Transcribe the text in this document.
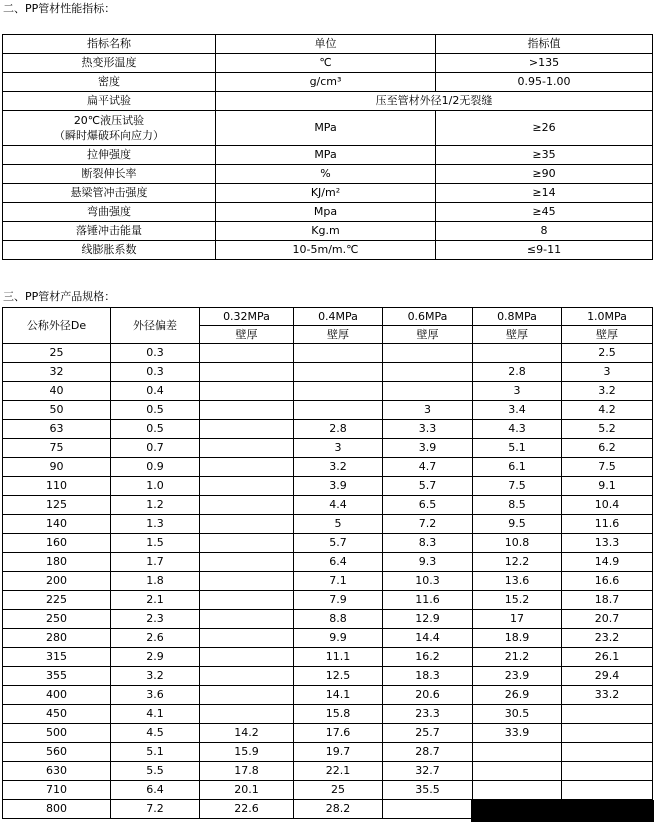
二、PP管材性能指标：
指标名称	单位	指标值
热变形温度	℃	>135
密度	g/cm³	0.95-1.00
扁平试验	压至管材外径1/2无裂缝	

20℃液压试验
（瞬时爆破环向应力）	MPa	≥26
拉伸强度	MPa	≥35
断裂伸长率	%	≥90
悬梁管冲击强度	KJ/m²	≥14
弯曲强度	Mpa	≥45
落锤冲击能量	Kg.m	8
线膨胀系数	10-5m/m.℃	≤9-11
三、PP管材产品规格：
公称外径De	外径偏差	0.32MPa	0.4MPa	0.6MPa	0.8MPa	1.0MPa
		壁厚	壁厚	壁厚	壁厚	壁厚
25	0.3					2.5
32	0.3				2.8	3
40	0.4				3	3.2
50	0.5			3	3.4	4.2
63	0.5		2.8	3.3	4.3	5.2
75	0.7		3	3.9	5.1	6.2
90	0.9		3.2	4.7	6.1	7.5
110	1.0		3.9	5.7	7.5	9.1
125	1.2		4.4	6.5	8.5	10.4
140	1.3		5	7.2	9.5	11.6
160	1.5		5.7	8.3	10.8	13.3
180	1.7		6.4	9.3	12.2	14.9
200	1.8		7.1	10.3	13.6	16.6
225	2.1		7.9	11.6	15.2	18.7
250	2.3		8.8	12.9	17	20.7
280	2.6		9.9	14.4	18.9	23.2
315	2.9		11.1	16.2	21.2	26.1
355	3.2		12.5	18.3	23.9	29.4
400	3.6		14.1	20.6	26.9	33.2
450	4.1		15.8	23.3	30.5	
500	4.5	14.2	17.6	25.7	33.9	
560	5.1	15.9	19.7	28.7		
630	5.5	17.8	22.1	32.7		
710	6.4	20.1	25	35.5		
800	7.2	22.6	28.2			
